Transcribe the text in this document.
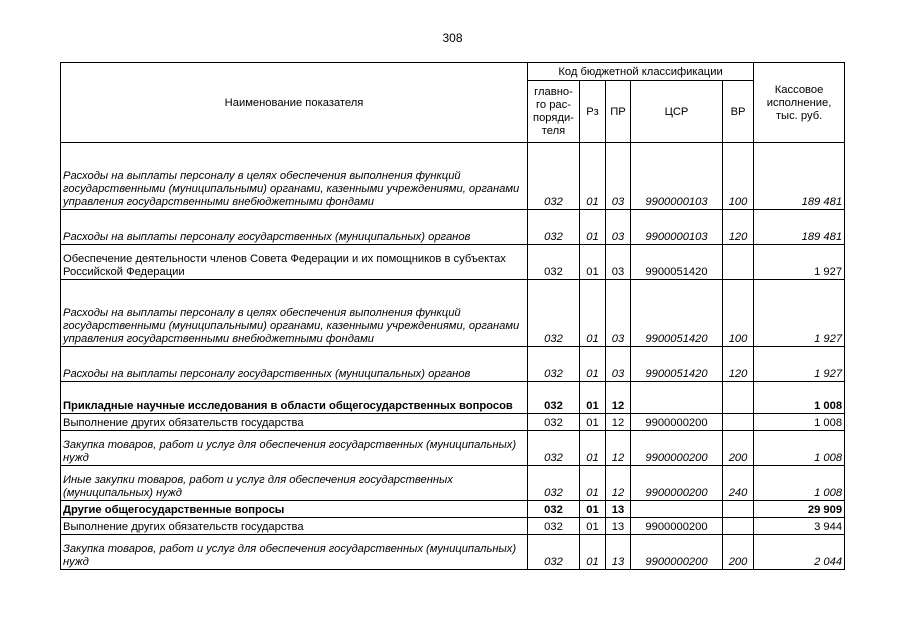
308
Наименование показателя	Код бюджетной классификации					Кассовое
исполнение,
тыс. руб.
	главно-
го рас-
поряди-
теля	Рз	ПР	ЦСР	ВР	
Расходы на выплаты персоналу в целях обеспечения выполнения функций государственными (муниципальными) органами, казенными учреждениями, органами управления государственными внебюджетными фондами	032	01	03	9900000103	100	189 481
Расходы на выплаты персоналу государственных (муниципальных) органов	032	01	03	9900000103	120	189 481
Обеспечение деятельности членов Совета Федерации и их помощников в субъектах Российской Федерации	032	01	03	9900051420		1 927
Расходы на выплаты персоналу в целях обеспечения выполнения функций государственными (муниципальными) органами, казенными учреждениями, органами управления государственными внебюджетными фондами	032	01	03	9900051420	100	1 927
Расходы на выплаты персоналу государственных (муниципальных) органов	032	01	03	9900051420	120	1 927
Прикладные научные исследования в области общегосударственных вопросов	032	01	12			1 008
Выполнение других обязательств государства	032	01	12	9900000200		1 008
Закупка товаров, работ и услуг для обеспечения государственных (муниципальных) нужд	032	01	12	9900000200	200	1 008
Иные закупки товаров, работ и услуг для обеспечения государственных (муниципальных) нужд	032	01	12	9900000200	240	1 008
Другие общегосударственные вопросы	032	01	13			29 909
Выполнение других обязательств государства	032	01	13	9900000200		3 944
Закупка товаров, работ и услуг для обеспечения государственных (муниципальных) нужд	032	01	13	9900000200	200	2 044
